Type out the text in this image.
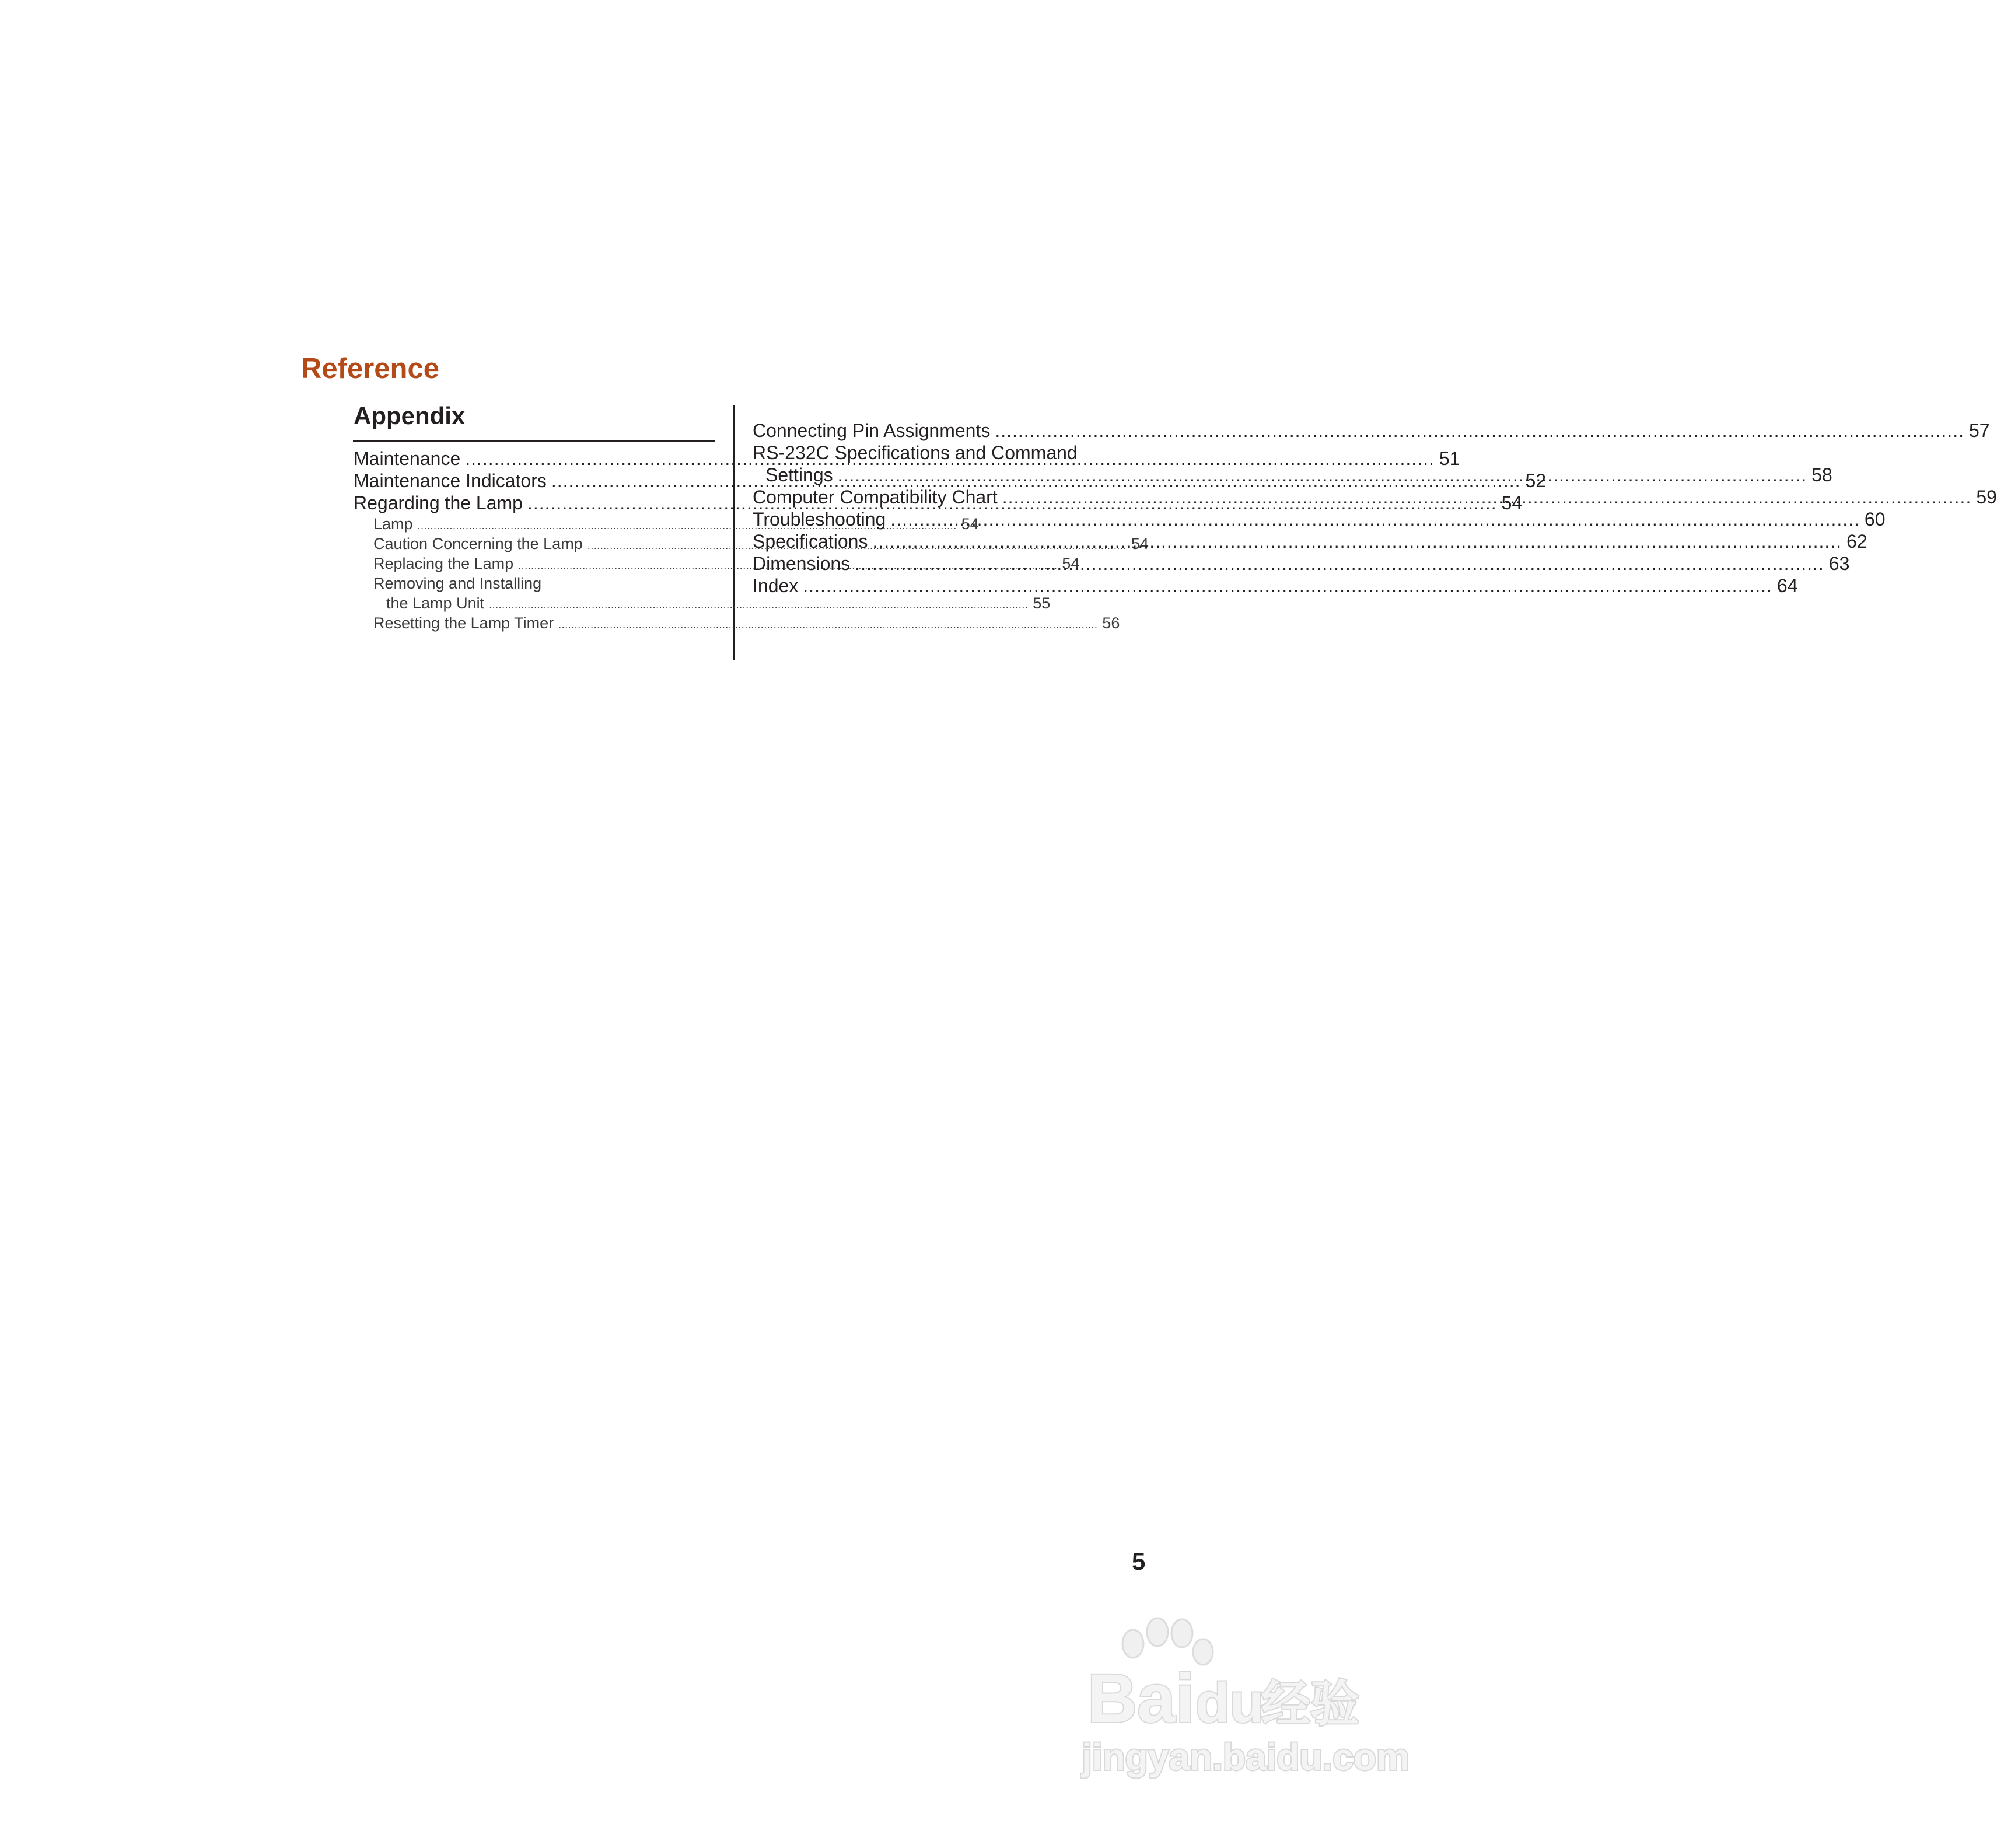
Reference
Appendix
Maintenance .....	51
Maintenance Indicators .....	52
Regarding the Lamp .....	54
Lamp .....	54
Caution Concerning the Lamp .....	54
Replacing the Lamp .....	54
Removing and Installing
the Lamp Unit .....	55
Resetting the Lamp Timer .....	56
Connecting Pin Assignments .....	57
RS-232C Specifications and Command
Settings .....	58
Computer Compatibility Chart .....	59
Troubleshooting .....	60
Specifications .....	62
Dimensions .....	63
Index .....	64
5
Bai du
经验
jingyan.baidu.com
